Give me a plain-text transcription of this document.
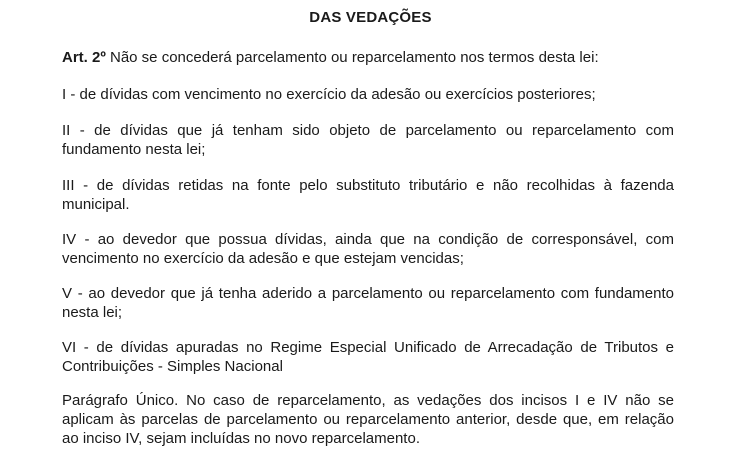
DAS VEDAÇÕES

Art. 2º Não se concederá parcelamento ou reparcelamento nos termos desta lei:

I - de dívidas com vencimento no exercício da adesão ou exercícios posteriores;

II - de dívidas que já tenham sido objeto de parcelamento ou reparcelamento com fundamento nesta lei;

III - de dívidas retidas na fonte pelo substituto tributário e não recolhidas à fazenda municipal.

IV - ao devedor que possua dívidas, ainda que na condição de corresponsável, com vencimento no exercício da adesão e que estejam vencidas;

V - ao devedor que já tenha aderido a parcelamento ou reparcelamento com fundamento nesta lei;

VI - de dívidas apuradas no Regime Especial Unificado de Arrecadação de Tributos e Contribuições - Simples Nacional

Parágrafo Único. No caso de reparcelamento, as vedações dos incisos I e IV não se aplicam às parcelas de parcelamento ou reparcelamento anterior, desde que, em relação ao inciso IV, sejam incluídas no novo reparcelamento.
